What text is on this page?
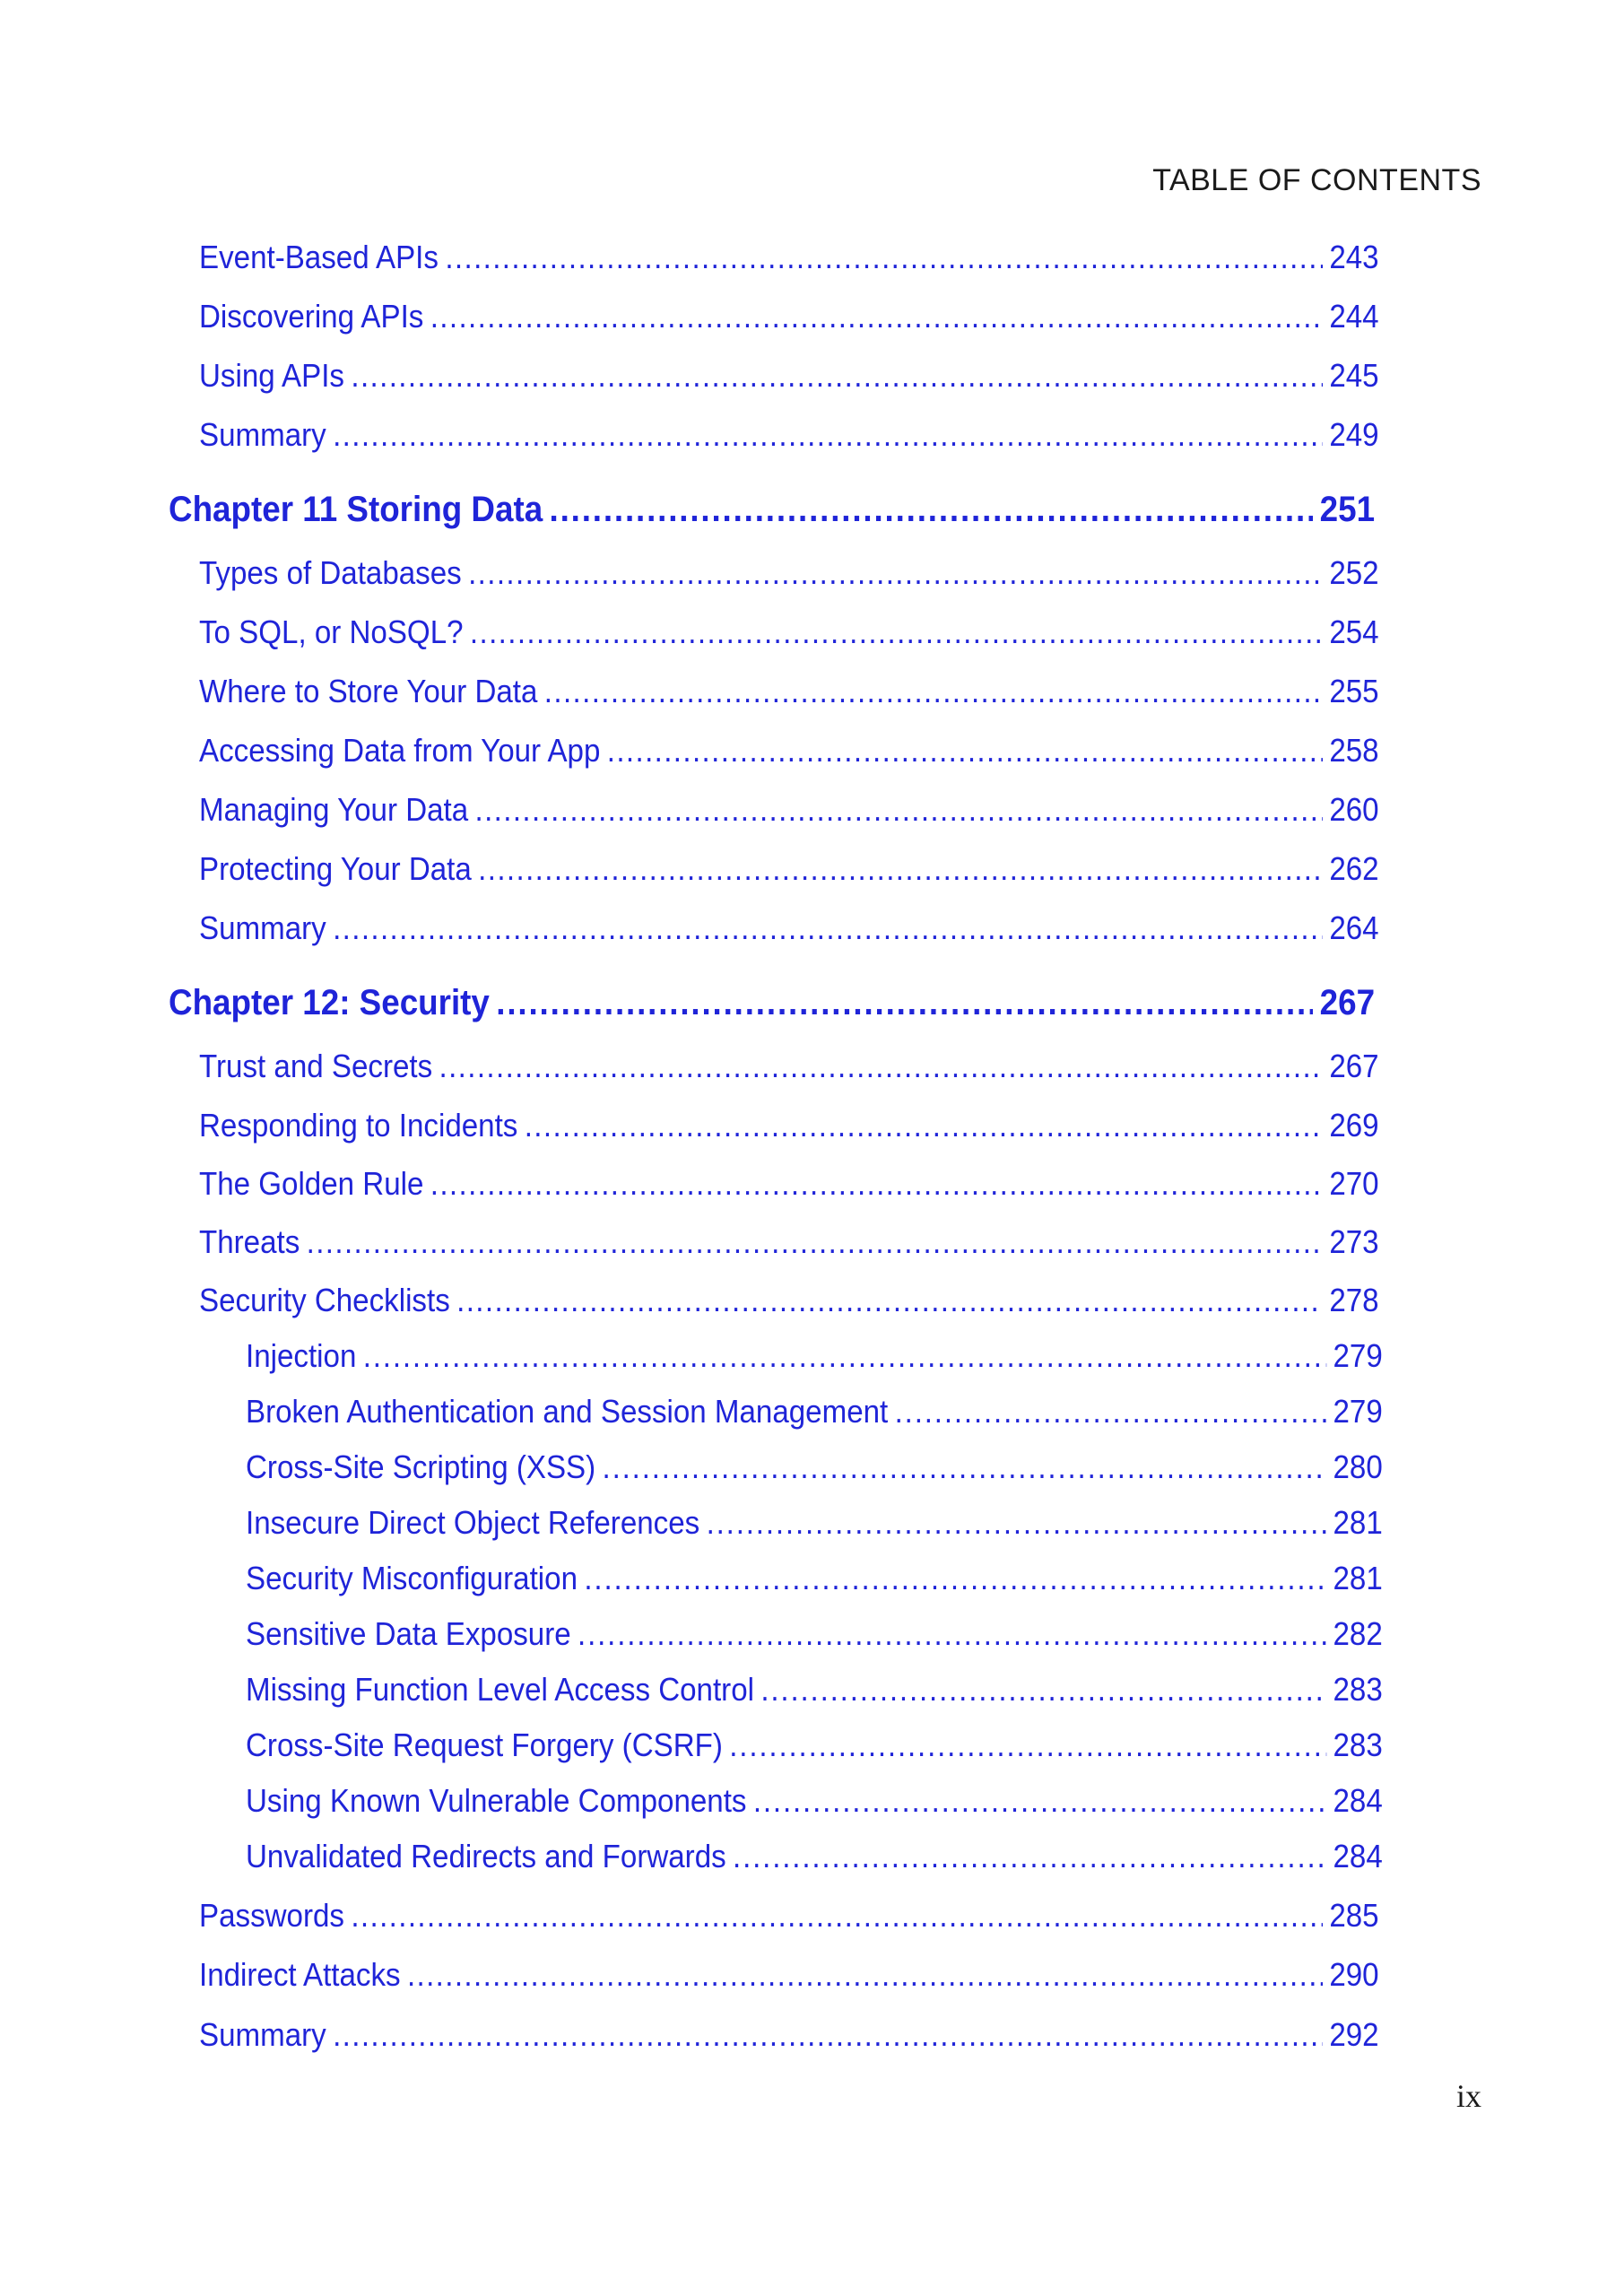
TABLE OF CONTENTS
Event-Based APIs .....	243
Discovering APIs .....	244
Using APIs .....	245
Summary .....	249
Chapter 11 Storing Data .....	251
Types of Databases .....	252
To SQL, or NoSQL? .....	254
Where to Store Your Data .....	255
Accessing Data from Your App .....	258
Managing Your Data .....	260
Protecting Your Data .....	262
Summary .....	264
Chapter 12: Security .....	267
Trust and Secrets .....	267
Responding to Incidents .....	269
The Golden Rule .....	270
Threats .....	273
Security Checklists .....	278
Injection .....	279
Broken Authentication and Session Management .....	279
Cross-Site Scripting (XSS) .....	280
Insecure Direct Object References .....	281
Security Misconfiguration .....	281
Sensitive Data Exposure .....	282
Missing Function Level Access Control .....	283
Cross-Site Request Forgery (CSRF) .....	283
Using Known Vulnerable Components .....	284
Unvalidated Redirects and Forwards .....	284
Passwords .....	285
Indirect Attacks .....	290
Summary .....	292
ix
